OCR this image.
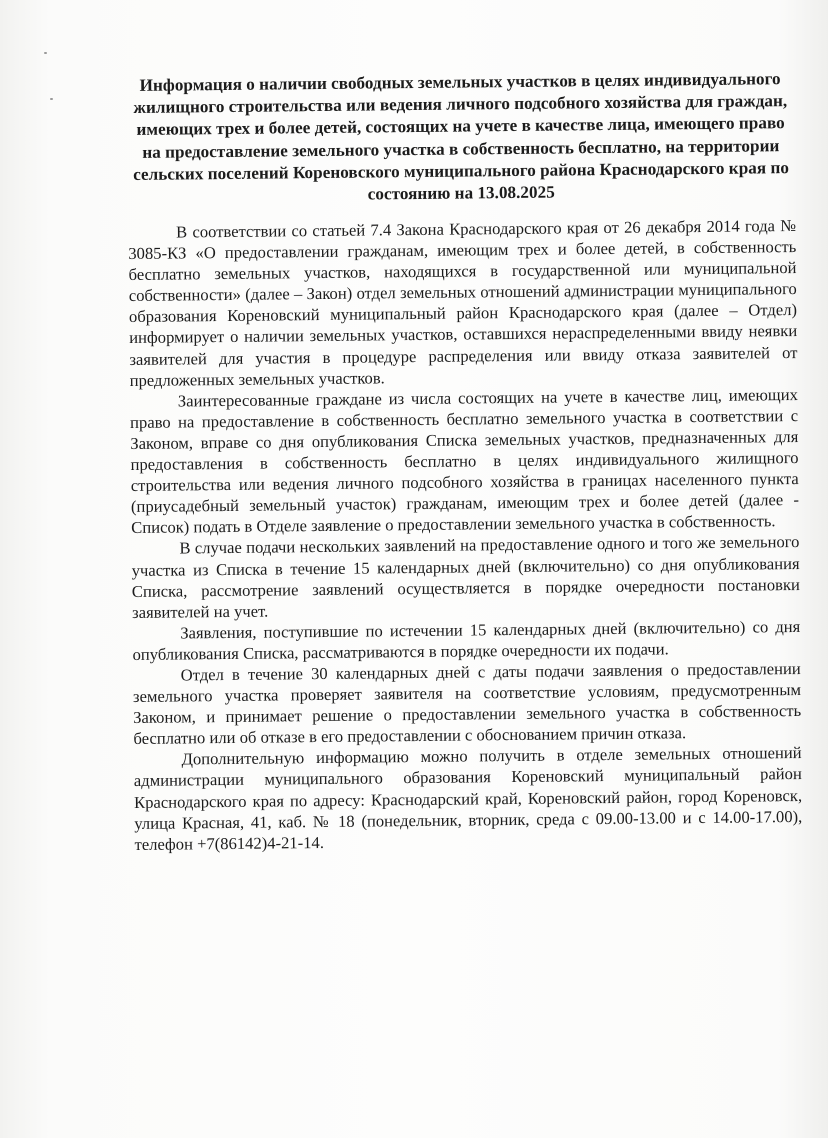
Информация о наличии свободных земельных участков в целях индивидуального жилищного строительства или ведения личного подсобного хозяйства для граждан, имеющих трех и более детей, состоящих на учете в качестве лица, имеющего право на предоставление земельного участка в собственность бесплатно, на территории сельских поселений Кореновского муниципального района Краснодарского края по состоянию на 13.08.2025

В соответствии со статьей 7.4 Закона Краснодарского края от 26 декабря 2014 года № 3085-КЗ «О предоставлении гражданам, имеющим трех и более детей, в собственность бесплатно земельных участков, находящихся в государственной или муниципальной собственности» (далее – Закон) отдел земельных отношений администрации муниципального образования Кореновский муниципальный район Краснодарского края (далее – Отдел) информирует о наличии земельных участков, оставшихся нераспределенными ввиду неявки заявителей для участия в процедуре распределения или ввиду отказа заявителей от предложенных земельных участков.

Заинтересованные граждане из числа состоящих на учете в качестве лиц, имеющих право на предоставление в собственность бесплатно земельного участка в соответствии с Законом, вправе со дня опубликования Списка земельных участков, предназначенных для предоставления в собственность бесплатно в целях индивидуального жилищного строительства или ведения личного подсобного хозяйства в границах населенного пункта (приусадебный земельный участок) гражданам, имеющим трех и более детей (далее - Список) подать в Отделе заявление о предоставлении земельного участка в собственность.

В случае подачи нескольких заявлений на предоставление одного и того же земельного участка из Списка в течение 15 календарных дней (включительно) со дня опубликования Списка, рассмотрение заявлений осуществляется в порядке очередности постановки заявителей на учет.

Заявления, поступившие по истечении 15 календарных дней (включительно) со дня опубликования Списка, рассматриваются в порядке очередности их подачи.

Отдел в течение 30 календарных дней с даты подачи заявления о предоставлении земельного участка проверяет заявителя на соответствие условиям, предусмотренным Законом, и принимает решение о предоставлении земельного участка в собственность бесплатно или об отказе в его предоставлении с обоснованием причин отказа.

Дополнительную информацию можно получить в отделе земельных отношений администрации муниципального образования Кореновский муниципальный район Краснодарского края по адресу: Краснодарский край, Кореновский район, город Кореновск, улица Красная, 41, каб. № 18 (понедельник, вторник, среда с 09.00-13.00 и с 14.00-17.00), телефон +7(86142)4-21-14.
